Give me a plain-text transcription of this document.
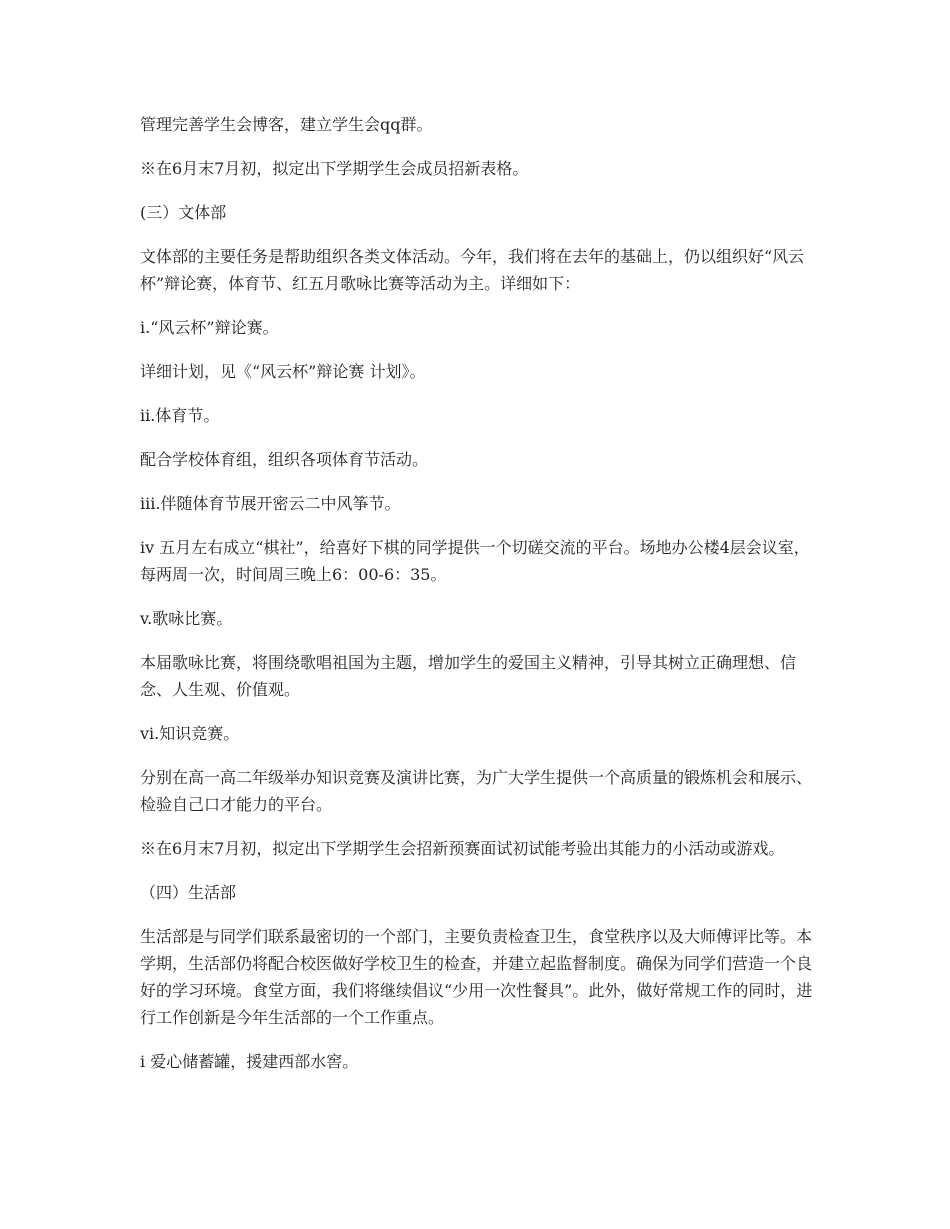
管理完善学生会博客，建立学生会qq群。

※在6月末7月初，拟定出下学期学生会成员招新表格。

(三）文体部

文体部的主要任务是帮助组织各类文体活动。今年，我们将在去年的基础上，仍以组织好“风云杯”辩论赛，体育节、红五月歌咏比赛等活动为主。详细如下：

i.“风云杯”辩论赛。

详细计划，见《“风云杯”辩论赛 计划》。

ii.体育节。

配合学校体育组，组织各项体育节活动。

iii.伴随体育节展开密云二中风筝节。

iv 五月左右成立“棋社”，给喜好下棋的同学提供一个切磋交流的平台。场地办公楼4层会议室，每两周一次，时间周三晚上6：00-6：35。

v.歌咏比赛。

本届歌咏比赛，将围绕歌唱祖国为主题，增加学生的爱国主义精神，引导其树立正确理想、信念、人生观、价值观。

vi.知识竞赛。

分别在高一高二年级举办知识竞赛及演讲比赛，为广大学生提供一个高质量的锻炼机会和展示、检验自己口才能力的平台。

※在6月末7月初，拟定出下学期学生会招新预赛面试初试能考验出其能力的小活动或游戏。

（四）生活部

生活部是与同学们联系最密切的一个部门，主要负责检查卫生，食堂秩序以及大师傅评比等。本学期，生活部仍将配合校医做好学校卫生的检查，并建立起监督制度。确保为同学们营造一个良好的学习环境。食堂方面，我们将继续倡议“少用一次性餐具”。此外，做好常规工作的同时，进行工作创新是今年生活部的一个工作重点。

i 爱心储蓄罐，援建西部水窖。
